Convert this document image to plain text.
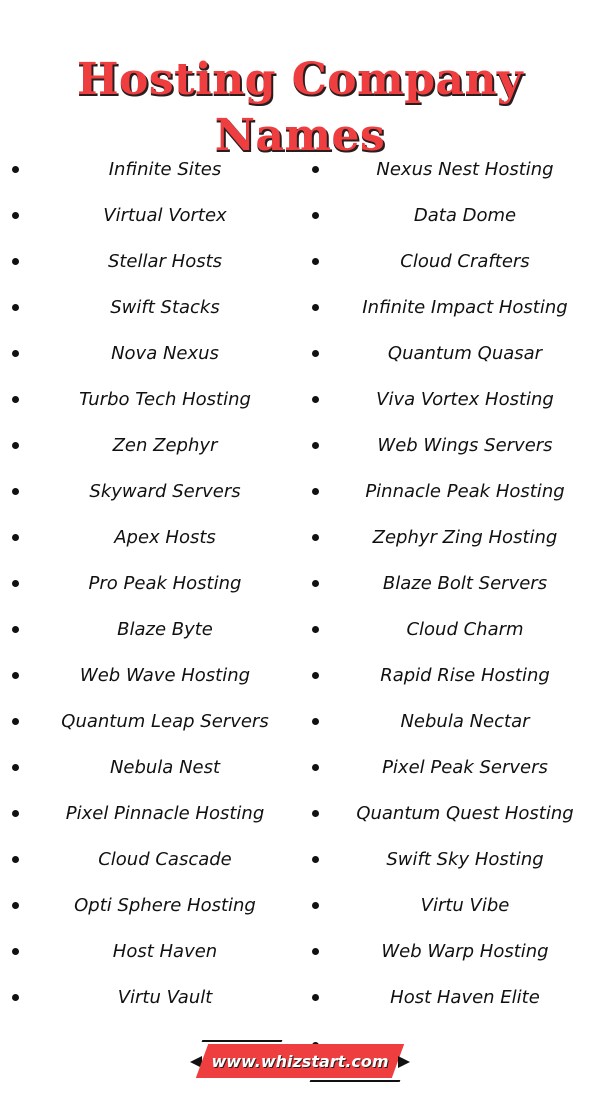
Hosting Company Names
Infinite Sites
Virtual Vortex
Stellar Hosts
Swift Stacks
Nova Nexus
Turbo Tech Hosting
Zen Zephyr
Skyward Servers
Apex Hosts
Pro Peak Hosting
Blaze Byte
Web Wave Hosting
Quantum Leap Servers
Nebula Nest
Pixel Pinnacle Hosting
Cloud Cascade
Opti Sphere Hosting
Host Haven
Virtu Vault
Nexus Nest Hosting
Data Dome
Cloud Crafters
Infinite Impact Hosting
Quantum Quasar
Viva Vortex Hosting
Web Wings Servers
Pinnacle Peak Hosting
Zephyr Zing Hosting
Blaze Bolt Servers
Cloud Charm
Rapid Rise Hosting
Nebula Nectar
Pixel Peak Servers
Quantum Quest Hosting
Swift Sky Hosting
Virtu Vibe
Web Warp Hosting
Host Haven Elite
www.whizstart.com
